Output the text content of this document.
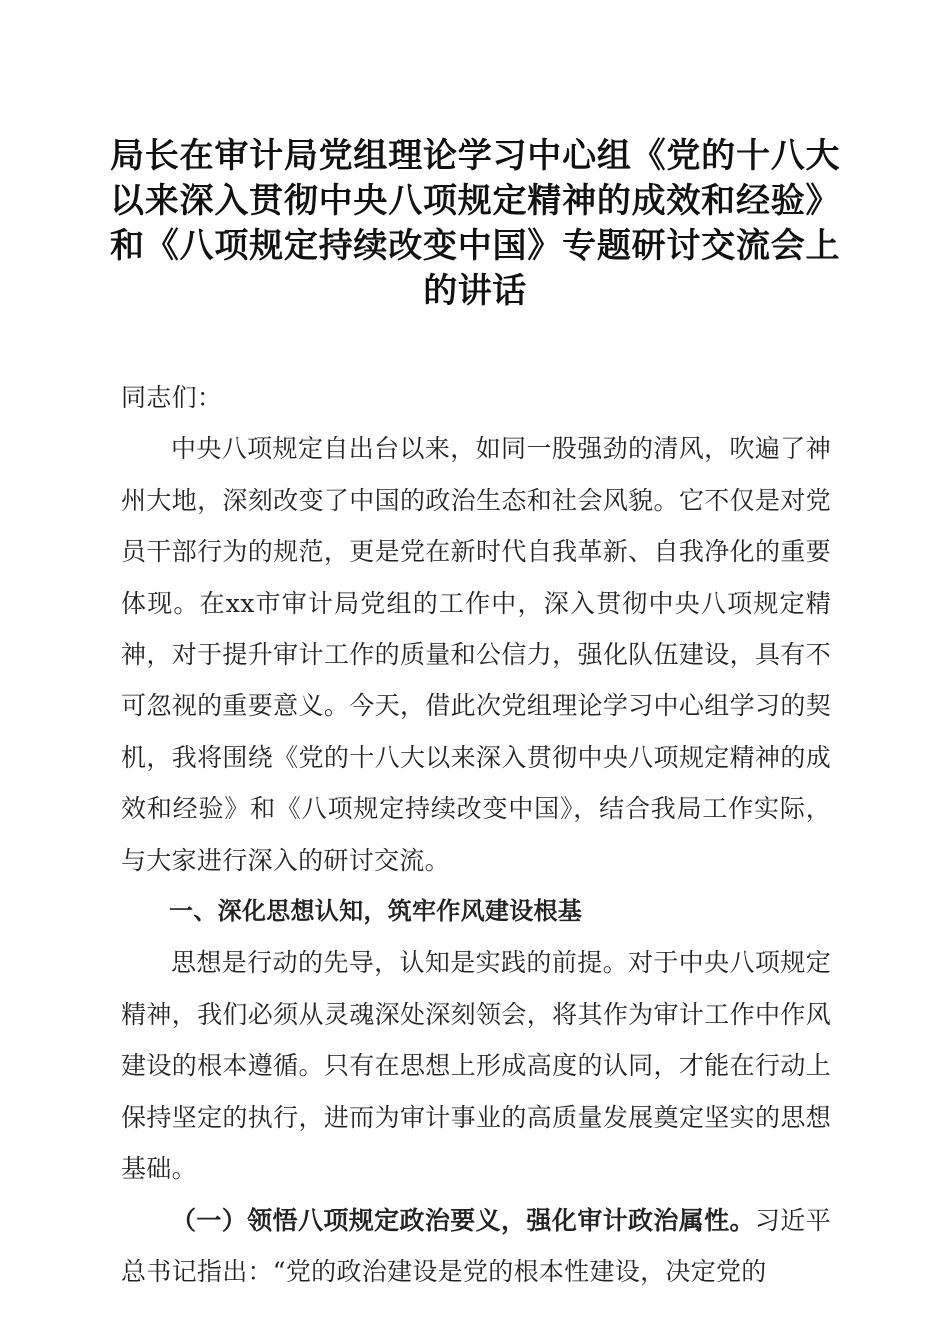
局长在审计局党组理论学习中心组《党的十八大以来深入贯彻中央八项规定精神的成效和经验》和《八项规定持续改变中国》专题研讨交流会上的讲话

同志们：

中央八项规定自出台以来，如同一股强劲的清风，吹遍了神州大地，深刻改变了中国的政治生态和社会风貌。它不仅是对党员干部行为的规范，更是党在新时代自我革新、自我净化的重要体现。在xx市审计局党组的工作中，深入贯彻中央八项规定精神，对于提升审计工作的质量和公信力，强化队伍建设，具有不可忽视的重要意义。今天，借此次党组理论学习中心组学习的契机，我将围绕《党的十八大以来深入贯彻中央八项规定精神的成效和经验》和《八项规定持续改变中国》，结合我局工作实际，与大家进行深入的研讨交流。

一、深化思想认知，筑牢作风建设根基

思想是行动的先导，认知是实践的前提。对于中央八项规定精神，我们必须从灵魂深处深刻领会，将其作为审计工作中作风建设的根本遵循。只有在思想上形成高度的认同，才能在行动上保持坚定的执行，进而为审计事业的高质量发展奠定坚实的思想基础。

（一）领悟八项规定政治要义，强化审计政治属性。习近平总书记指出：“党的政治建设是党的根本性建设，决定党的
